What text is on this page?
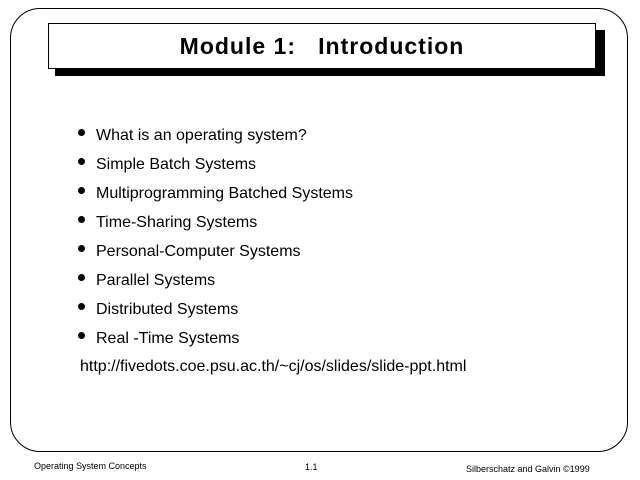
Module 1:   Introduction
What is an operating system?
Simple Batch Systems
Multiprogramming Batched Systems
Time-Sharing Systems
Personal-Computer Systems
Parallel Systems
Distributed Systems
Real -Time Systems
http://fivedots.coe.psu.ac.th/~cj/os/slides/slide-ppt.html
Operating System Concepts	1.1	Silberschatz and Galvin ©1999
